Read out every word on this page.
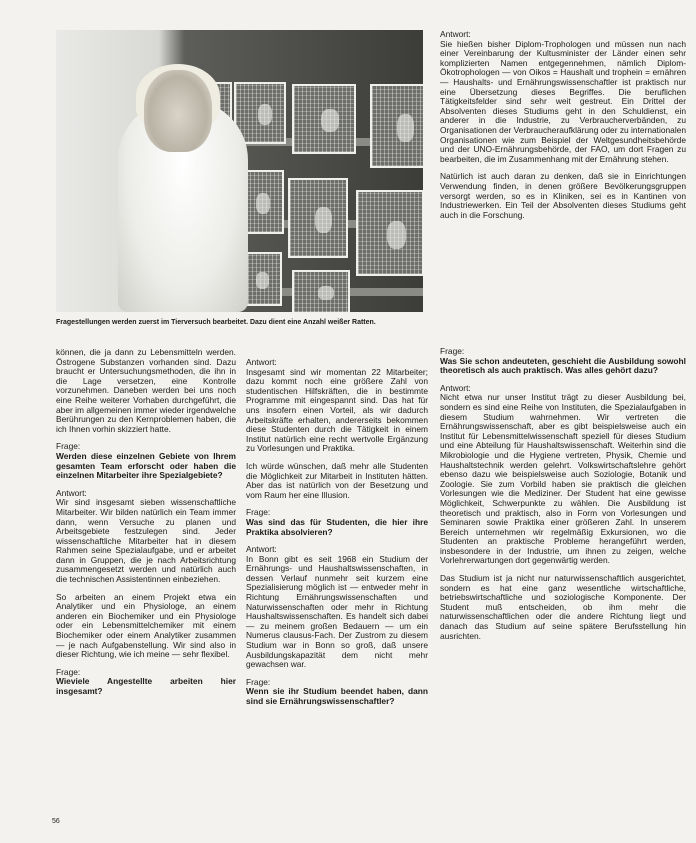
Fragestellungen werden zuerst im Tierversuch bearbeitet. Dazu dient eine Anzahl weißer Ratten.

können, die ja dann zu Lebensmitteln werden. Östrogene Substanzen vorhanden sind. Dazu braucht er Untersuchungsmethoden, die ihn in die Lage versetzen, eine Kontrolle vorzunehmen. Daneben werden bei uns noch eine Reihe weiterer Vorhaben durchgeführt, die aber im allgemeinen immer wieder irgendwelche Berührungen zu den Kernproblemen haben, die ich Ihnen vorhin skizziert hatte.

Frage:
Werden diese einzelnen Gebiete von Ihrem gesamten Team erforscht oder haben die einzelnen Mitarbeiter ihre Spezialgebiete?

Antwort:
Wir sind insgesamt sieben wissenschaftliche Mitarbeiter. Wir bilden natürlich ein Team immer dann, wenn Versuche zu planen und Arbeitsgebiete festzulegen sind. Jeder wissenschaftliche Mitarbeiter hat in diesem Rahmen seine Spezialaufgabe, und er arbeitet dann in Gruppen, die je nach Arbeitsrichtung zusammengesetzt werden und natürlich auch die technischen Assistentinnen einbeziehen.

So arbeiten an einem Projekt etwa ein Analytiker und ein Physiologe, an einem anderen ein Biochemiker und ein Physiologe oder ein Lebensmittelchemiker mit einem Biochemiker oder einem Analytiker zusammen — je nach Aufgabenstellung. Wir sind also in dieser Richtung, wie ich meine — sehr flexibel.

Frage:
Wieviele Angestellte arbeiten hier insgesamt?

Antwort:
Insgesamt sind wir momentan 22 Mitarbeiter; dazu kommt noch eine größere Zahl von studentischen Hilfskräften, die in bestimmte Programme mit eingespannt sind. Das hat für uns insofern einen Vorteil, als wir dadurch Arbeitskräfte erhalten, andererseits bekommen diese Studenten durch die Tätigkeit in einem Institut natürlich eine recht wertvolle Ergänzung zu Vorlesungen und Praktika.

Ich würde wünschen, daß mehr alle Studenten die Möglichkeit zur Mitarbeit in Instituten hätten. Aber das ist natürlich von der Besetzung und vom Raum her eine Illusion.

Frage:
Was sind das für Studenten, die hier ihre Praktika absolvieren?

Antwort:
In Bonn gibt es seit 1968 ein Studium der Ernährungs- und Haushaltswissenschaften, in dessen Verlauf nunmehr seit kurzem eine Spezialisierung möglich ist — entweder mehr in Richtung Ernährungswissenschaften und Naturwissenschaften oder mehr in Richtung Haushaltswissenschaften. Es handelt sich dabei — zu meinem großen Bedauern — um ein Numerus clausus-Fach. Der Zustrom zu diesem Studium war in Bonn so groß, daß unsere Ausbildungskapazität dem nicht mehr gewachsen war.

Frage:
Wenn sie ihr Studium beendet haben, dann sind sie Ernährungswissenschaftler?

Antwort:
Sie hießen bisher Diplom-Trophologen und müssen nun nach einer Vereinbarung der Kultusminister der Länder einen sehr komplizierten Namen entgegennehmen, nämlich Diplom-Ökotrophologen — von Oikos = Haushalt und trophein = ernähren — Haushalts- und Ernährungswissenschaftler ist praktisch nur eine Übersetzung dieses Begriffes. Die beruflichen Tätigkeitsfelder sind sehr weit gestreut. Ein Drittel der Absolventen dieses Studiums geht in den Schuldienst, ein anderer in die Industrie, zu Verbraucherverbänden, zu Organisationen der Verbraucheraufklärung oder zu internationalen Organisationen wie zum Beispiel der Weltgesundheitsbehörde und der UNO-Ernährungsbehörde, der FAO, um dort Fragen zu bearbeiten, die im Zusammenhang mit der Ernährung stehen.

Natürlich ist auch daran zu denken, daß sie in Einrichtungen Verwendung finden, in denen größere Bevölkerungsgruppen versorgt werden, so es in Kliniken, sei es in Kantinen von Industriewerken. Ein Teil der Absolventen dieses Studiums geht auch in die Forschung.

Frage:
Was Sie schon andeuteten, geschieht die Ausbildung sowohl theoretisch als auch praktisch. Was alles gehört dazu?

Antwort:
Nicht etwa nur unser Institut trägt zu dieser Ausbildung bei, sondern es sind eine Reihe von Instituten, die Spezialaufgaben in diesem Studium wahrnehmen. Wir vertreten die Ernährungswissenschaft, aber es gibt beispielsweise auch ein Institut für Lebensmittelwissenschaft speziell für dieses Studium und eine Abteilung für Haushaltswissenschaft. Weiterhin sind die Mikrobiologie und die Hygiene vertreten, Physik, Chemie und Haushaltstechnik werden gelehrt. Volkswirtschaftslehre gehört ebenso dazu wie beispielsweise auch Soziologie, Botanik und Zoologie. Sie zum Vorbild haben sie praktisch die gleichen Vorlesungen wie die Mediziner. Der Student hat eine gewisse Möglichkeit, Schwerpunkte zu wählen. Die Ausbildung ist theoretisch und praktisch, also in Form von Vorlesungen und Seminaren sowie Praktika einer größeren Zahl. In unserem Bereich unternehmen wir regelmäßig Exkursionen, wo die Studenten an praktische Probleme herangeführt werden, insbesondere in der Industrie, um ihnen zu zeigen, welche Vorlehrerwartungen dort gegenwärtig werden.

Das Studium ist ja nicht nur naturwissenschaftlich ausgerichtet, sondern es hat eine ganz wesentliche wirtschaftliche, betriebswirtschaftliche und soziologische Komponente. Der Student muß entscheiden, ob ihm mehr die naturwissenschaftlichen oder die andere Richtung liegt und danach das Studium auf seine spätere Berufsstellung hin ausrichten.

56
